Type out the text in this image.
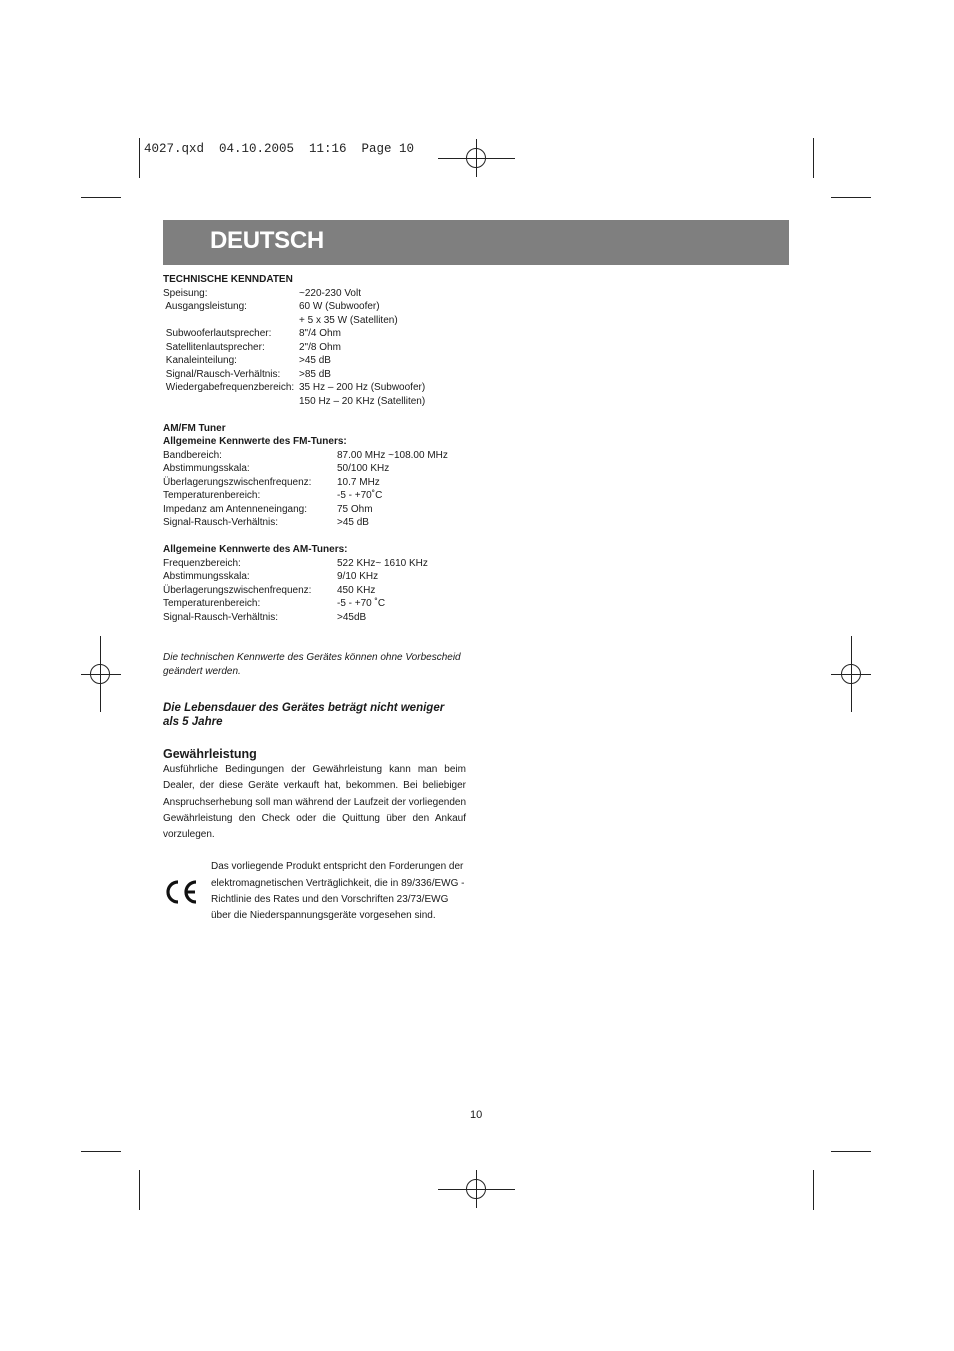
4027.qxd  04.10.2005  11:16  Page 10
DEUTSCH
TECHNISCHE KENNDATEN
Speisung:	~220-230 Volt
Ausgangsleistung:	60 W (Subwoofer)
+ 5 x 35 W (Satelliten)
Subwooferlautsprecher:	8"/4 Ohm
Satellitenlautsprecher:	2"/8 Ohm
Kanaleinteilung:	>45 dB
Signal/Rausch-Verhältnis:	>85 dB
Wiedergabefrequenzbereich: 35 Hz – 200 Hz (Subwoofer)
150 Hz – 20 KHz (Satelliten)
AM/FM Tuner
Allgemeine Kennwerte des FM-Tuners:
Bandbereich:	87.00 MHz ~108.00 MHz
Abstimmungsskala:	50/100 KHz
Überlagerungszwischenfrequenz:	10.7 MHz
Temperaturenbereich:	-5 - +70˚C
Impedanz am Antenneneingang:	75 Ohm
Signal-Rausch-Verhältnis:	>45 dB
Allgemeine Kennwerte des AM-Tuners:
Frequenzbereich:	522 KHz~ 1610 KHz
Abstimmungsskala:	9/10 KHz
Überlagerungszwischenfrequenz:	450 KHz
Temperaturenbereich:	-5 - +70 ˚C
Signal-Rausch-Verhältnis:	>45dB
Die technischen Kennwerte des Gerätes können ohne Vorbescheid geändert werden.
Die Lebensdauer des Gerätes beträgt nicht weniger als 5 Jahre
Gewährleistung
Ausführliche Bedingungen der Gewährleistung kann man beim Dealer, der diese Geräte verkauft hat, bekommen. Bei beliebiger Anspruchserhebung soll man während der Laufzeit der vorliegenden Gewährleistung den Check oder die Quittung über den Ankauf vorzulegen.
Das vorliegende Produkt entspricht den Forderungen der
elektromagnetischen Verträglichkeit, die in 89/336/EWG -
Richtlinie des Rates und den Vorschriften 23/73/EWG
über die Niederspannungsgeräte vorgesehen sind.
10
